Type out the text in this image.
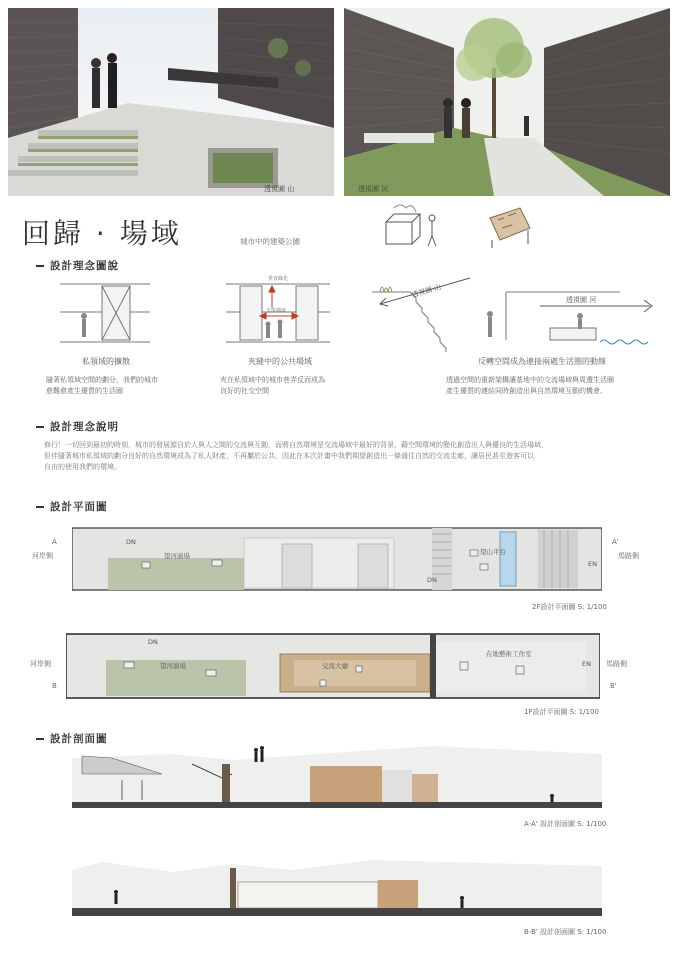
透視圖 山	透視圖 河
回歸 · 場域	城市中的建築公園
設計理念圖說
垂直綠化
交流場域
透視圖 山
透視圖 河
私領域的擴散	夾縫中的公共場域	反轉空間成為連接兩處生活圈的動線
隨著私領域空間的劃分，我們的城市
愈難愈產生優質的生活圈
夾在私領域中的城市巷弄反而成為
良好的社交空間
透過空間的重新架構讓基地中的交流場域與周遭生活圈
產生優質的連結同時創造出與自然環境互動的機會。
設計理念說明
修行！一切回到最初的時刻，城市的發展源自於人與人之間的交流與互動，而將自然環境是交流場域中最好的背景，藉空間環境的變化創造出人與優良的生活場域，
但伴隨著城市私領域的劃分良好的自然環境成為了私人財產，不再屬於公共，因此在本次計畫中我們期望創造出一條通往自然的交流走廊，讓居民甚至遊客可以
自由的使用我們的環境。
設計平面圖
河岸側
A
馬路側
A'
DN
DN
EN
望河廣場	望山平台
2F設計平面圖 S: 1/100
河岸側
B
馬路側
B'
DN
EN
望河廣場	交流大廳
在地藝術工作室
1F設計平面圖 S: 1/100
設計剖面圖
A-A' 設計剖面圖 S: 1/100
B-B' 設計剖面圖 S: 1/100
